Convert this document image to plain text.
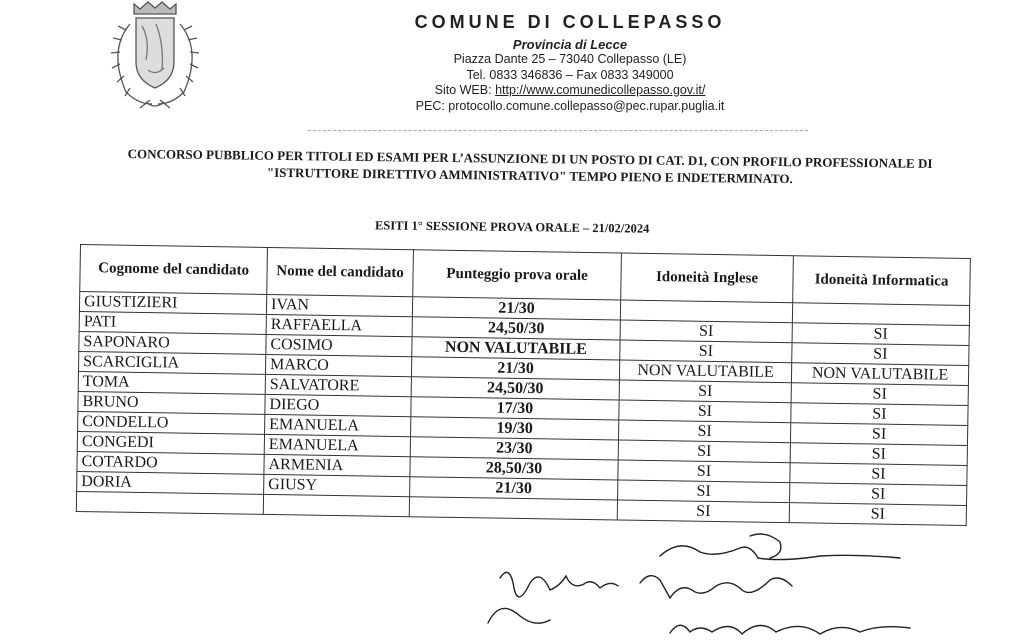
COMUNE DI COLLEPASSO
Provincia di Lecce
Piazza Dante 25 – 73040 Collepasso (LE)
Tel. 0833 346836 – Fax 0833 349000
Sito WEB: http://www.comunedicollepasso.gov.it/
PEC: protocollo.comune.collepasso@pec.rupar.puglia.it
CONCORSO PUBBLICO PER TITOLI ED ESAMI PER L’ASSUNZIONE DI UN POSTO DI CAT. D1, CON PROFILO PROFESSIONALE DI
"ISTRUTTORE DIRETTIVO AMMINISTRATIVO" TEMPO PIENO E INDETERMINATO.
ESITI 1° SESSIONE PROVA ORALE – 21/02/2024
Cognome del candidato	Nome del candidato	Punteggio prova orale	Idoneità Inglese	Idoneità Informatica
GIUSTIZIERI	IVAN	21/30		
PATI	RAFFAELLA	24,50/30	SI	SI
SAPONARO	COSIMO	NON VALUTABILE	SI	SI
SCARCIGLIA	MARCO	21/30	NON VALUTABILE	NON VALUTABILE
TOMA	SALVATORE	24,50/30	SI	SI
BRUNO	DIEGO	17/30	SI	SI
CONDELLO	EMANUELA	19/30	SI	SI
CONGEDI	EMANUELA	23/30	SI	SI
COTARDO	ARMENIA	28,50/30	SI	SI
DORIA	GIUSY	21/30	SI	SI
			SI	SI
